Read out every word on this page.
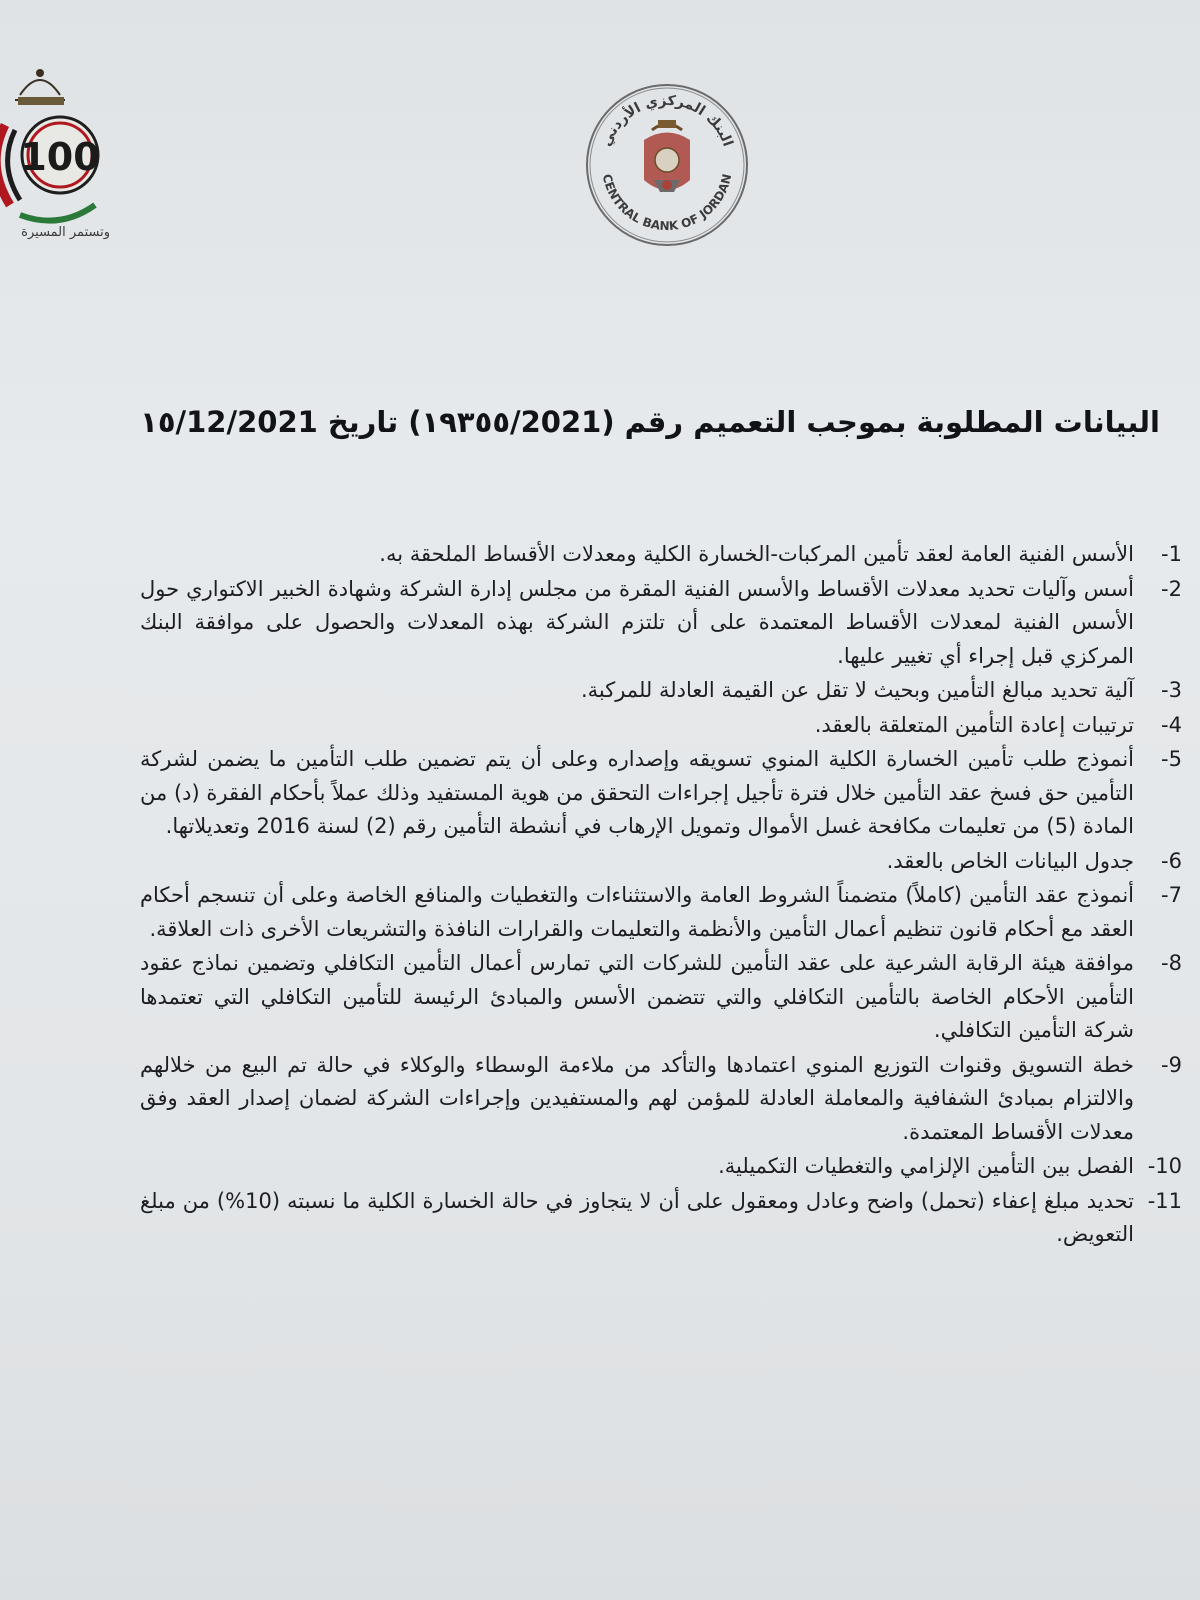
100
وتستمر المسيرة
البنك المركزي الأردني
CENTRAL BANK OF JORDAN
البيانات المطلوبة بموجب التعميم رقم (١٩٣٥٥/2021) تاريخ ١٥/12/2021
-1
الأسس الفنية العامة لعقد تأمين المركبات-الخسارة الكلية ومعدلات الأقساط الملحقة به.
-2
أسس وآليات تحديد معدلات الأقساط والأسس الفنية المقرة من مجلس إدارة الشركة وشهادة الخبير الاكتواري حول الأسس الفنية لمعدلات الأقساط المعتمدة على أن تلتزم الشركة بهذه المعدلات والحصول على موافقة البنك المركزي قبل إجراء أي تغيير عليها.
-3
آلية تحديد مبالغ التأمين وبحيث لا تقل عن القيمة العادلة للمركبة.
-4
ترتيبات إعادة التأمين المتعلقة بالعقد.
-5
أنموذج طلب تأمين الخسارة الكلية المنوي تسويقه وإصداره وعلى أن يتم تضمين طلب التأمين ما يضمن لشركة التأمين حق فسخ عقد التأمين خلال فترة تأجيل إجراءات التحقق من هوية المستفيد وذلك عملاً بأحكام الفقرة (د) من المادة (5) من تعليمات مكافحة غسل الأموال وتمويل الإرهاب في أنشطة التأمين رقم (2) لسنة 2016 وتعديلاتها.
-6
جدول البيانات الخاص بالعقد.
-7
أنموذج عقد التأمين (كاملاً) متضمناً الشروط العامة والاستثناءات والتغطيات والمنافع الخاصة وعلى أن تنسجم أحكام العقد مع أحكام قانون تنظيم أعمال التأمين والأنظمة والتعليمات والقرارات النافذة والتشريعات الأخرى ذات العلاقة.
-8
موافقة هيئة الرقابة الشرعية على عقد التأمين للشركات التي تمارس أعمال التأمين التكافلي وتضمين نماذج عقود التأمين الأحكام الخاصة بالتأمين التكافلي والتي تتضمن الأسس والمبادئ الرئيسة للتأمين التكافلي التي تعتمدها شركة التأمين التكافلي.
-9
خطة التسويق وقنوات التوزيع المنوي اعتمادها والتأكد من ملاءمة الوسطاء والوكلاء في حالة تم البيع من خلالهم والالتزام بمبادئ الشفافية والمعاملة العادلة للمؤمن لهم والمستفيدين وإجراءات الشركة لضمان إصدار العقد وفق معدلات الأقساط المعتمدة.
-10
الفصل بين التأمين الإلزامي والتغطيات التكميلية.
-11
تحديد مبلغ إعفاء (تحمل) واضح وعادل ومعقول على أن لا يتجاوز في حالة الخسارة الكلية ما نسبته (10%) من مبلغ التعويض.
